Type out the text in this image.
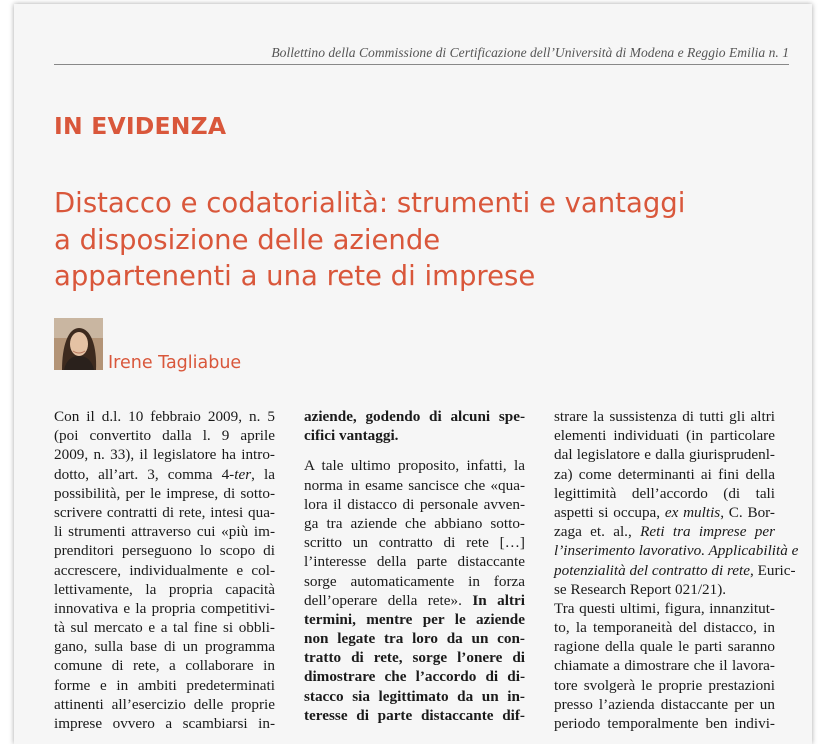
Bollettino della Commissione di Certificazione dell’Università di Modena e Reggio Emilia n. 1
IN EVIDENZA
Distacco e codatorialità: strumenti e vantaggi
a disposizione delle aziende
appartenenti a una rete di imprese
Irene Tagliabue
Con il d.l. 10 febbraio 2009, n. 5
(poi convertito dalla l. 9 aprile
2009, n. 33), il legislatore ha intro-
dotto, all’art. 3, comma 4-ter, la
possibilità, per le imprese, di sotto-
scrivere contratti di rete, intesi qua-
li strumenti attraverso cui «più im-
prenditori perseguono lo scopo di
accrescere, individualmente e col-
lettivamente, la propria capacità
innovativa e la propria competitivi-
tà sul mercato e a tal fine si obbli-
gano, sulla base di un programma
comune di rete, a collaborare in
forme e in ambiti predeterminati
attinenti all’esercizio delle proprie
imprese ovvero a scambiarsi in-
aziende, godendo di alcuni spe-
cifici vantaggi.
A tale ultimo proposito, infatti, la
norma in esame sancisce che «qua-
lora il distacco di personale avven-
ga tra aziende che abbiano sotto-
scritto un contratto di rete […]
l’interesse della parte distaccante
sorge automaticamente in forza
dell’operare della rete». In altri
termini, mentre per le aziende
non legate tra loro da un con-
tratto di rete, sorge l’onere di
dimostrare che l’accordo di di-
stacco sia legittimato da un in-
teresse di parte distaccante dif-
strare la sussistenza di tutti gli altri
elementi individuati (in particolare
dal legislatore e dalla giurisprudenl-
za) come determinanti ai fini della
legittimità dell’accordo (di tali
aspetti si occupa, ex multis, C. Bor-
zaga et. al., Reti tra imprese per
l’inserimento lavorativo. Applicabilità e
potenzialità del contratto di rete, Euric-
se Research Report 021/21).
Tra questi ultimi, figura, innanzitut-
to, la temporaneità del distacco, in
ragione della quale le parti saranno
chiamate a dimostrare che il lavora-
tore svolgerà le proprie prestazioni
presso l’azienda distaccante per un
periodo temporalmente ben indivi-
